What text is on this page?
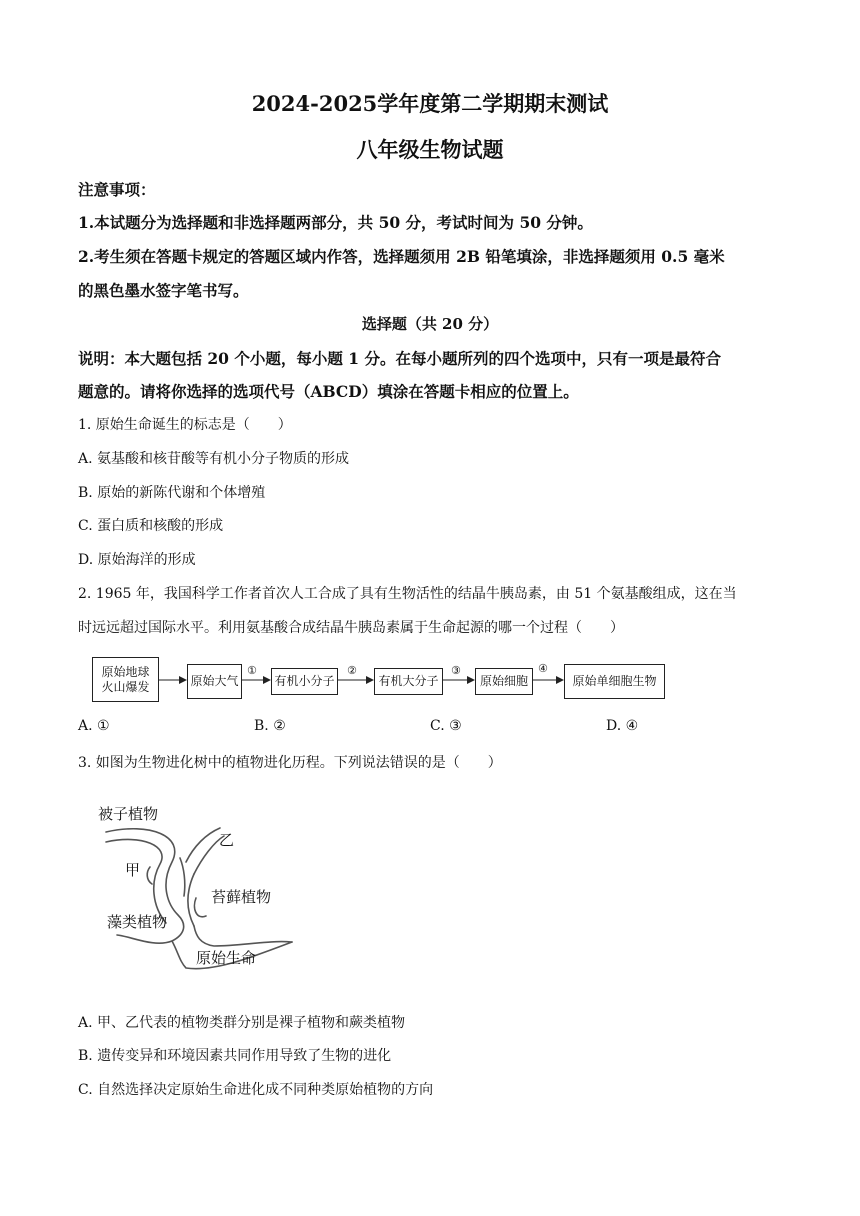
2024-2025学年度第二学期期末测试
八年级生物试题
注意事项：
1.本试题分为选择题和非选择题两部分，共 50 分，考试时间为 50 分钟。
2.考生须在答题卡规定的答题区域内作答，选择题须用 2B 铅笔填涂，非选择题须用 0.5 毫米
的黑色墨水签字笔书写。
选择题（共 20 分）
说明：本大题包括 20 个小题，每小题 1 分。在每小题所列的四个选项中，只有一项是最符合
题意的。请将你选择的选项代号（ABCD）填涂在答题卡相应的位置上。
1. 原始生命诞生的标志是（　　）
A. 氨基酸和核苷酸等有机小分子物质的形成
B. 原始的新陈代谢和个体增殖
C. 蛋白质和核酸的形成
D. 原始海洋的形成
2. 1965 年，我国科学工作者首次人工合成了具有生物活性的结晶牛胰岛素，由 51 个氨基酸组成，这在当
时远远超过国际水平。利用氨基酸合成结晶牛胰岛素属于生命起源的哪一个过程（　　）
原始地球
火山爆发	原始大气	有机小分子	有机大分子	原始细胞	原始单细胞生物
①	②	③	④
A. ①	B. ②	C. ③	D. ④
3. 如图为生物进化树中的植物进化历程。下列说法错误的是（　　）
被子植物
乙
甲
苔藓植物
藻类植物
原始生命
A. 甲、乙代表的植物类群分别是裸子植物和蕨类植物
B. 遗传变异和环境因素共同作用导致了生物的进化
C. 自然选择决定原始生命进化成不同种类原始植物的方向
